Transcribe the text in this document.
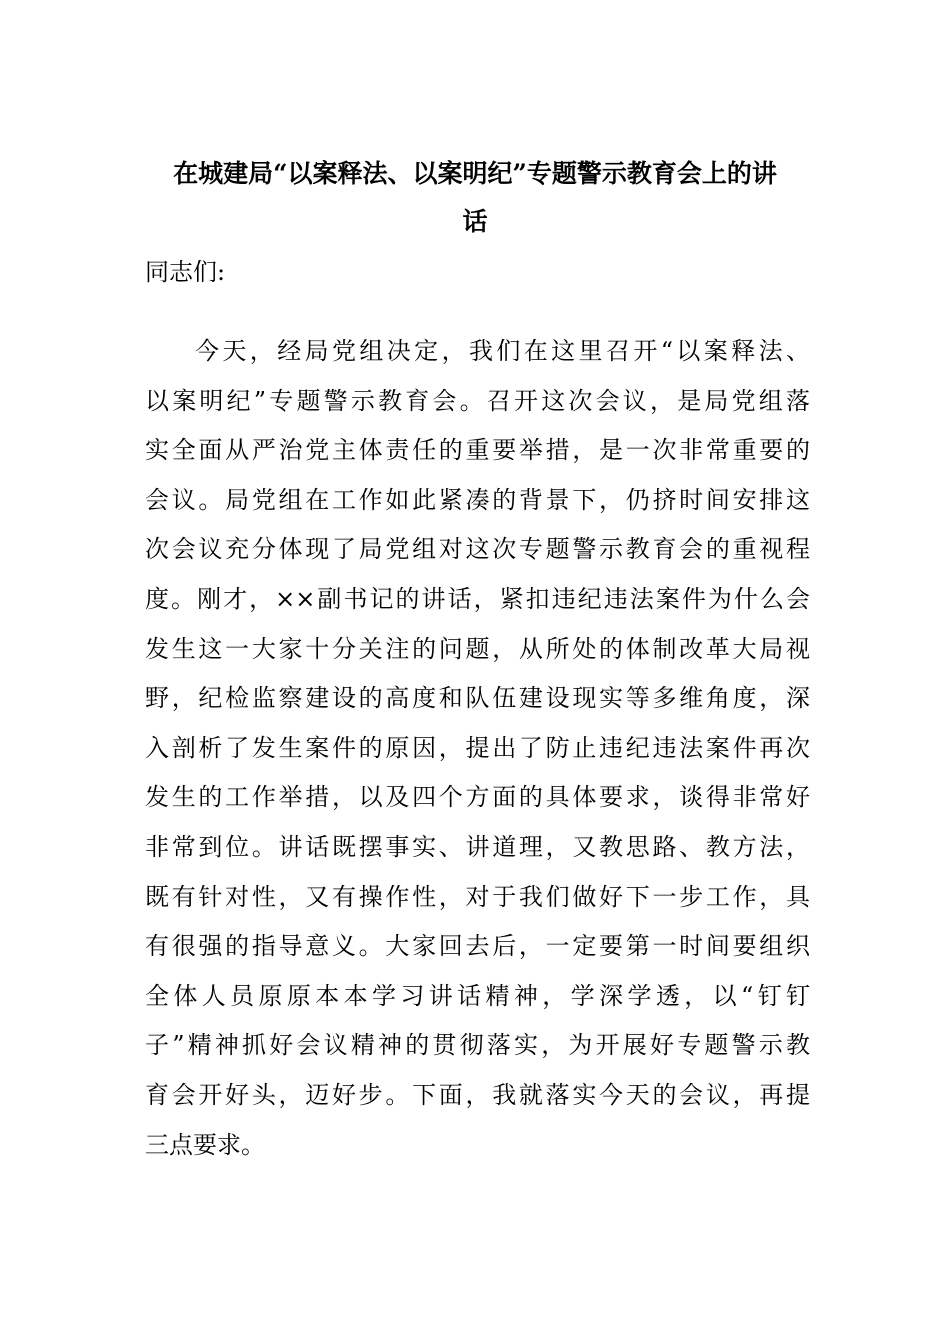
在城建局“以案释法、以案明纪”专题警示教育会上的讲
话

同志们:

今天，经局党组决定，我们在这里召开“以案释法、
以案明纪”专题警示教育会。召开这次会议，是局党组落
实全面从严治党主体责任的重要举措，是一次非常重要的
会议。局党组在工作如此紧凑的背景下，仍挤时间安排这
次会议充分体现了局党组对这次专题警示教育会的重视程
度。刚才，××副书记的讲话，紧扣违纪违法案件为什么会
发生这一大家十分关注的问题，从所处的体制改革大局视
野，纪检监察建设的高度和队伍建设现实等多维角度，深
入剖析了发生案件的原因，提出了防止违纪违法案件再次
发生的工作举措，以及四个方面的具体要求，谈得非常好
非常到位。讲话既摆事实、讲道理，又教思路、教方法，
既有针对性，又有操作性，对于我们做好下一步工作，具
有很强的指导意义。大家回去后，一定要第一时间要组织
全体人员原原本本学习讲话精神，学深学透，以“钉钉
子”精神抓好会议精神的贯彻落实，为开展好专题警示教
育会开好头，迈好步。下面，我就落实今天的会议，再提
三点要求。
